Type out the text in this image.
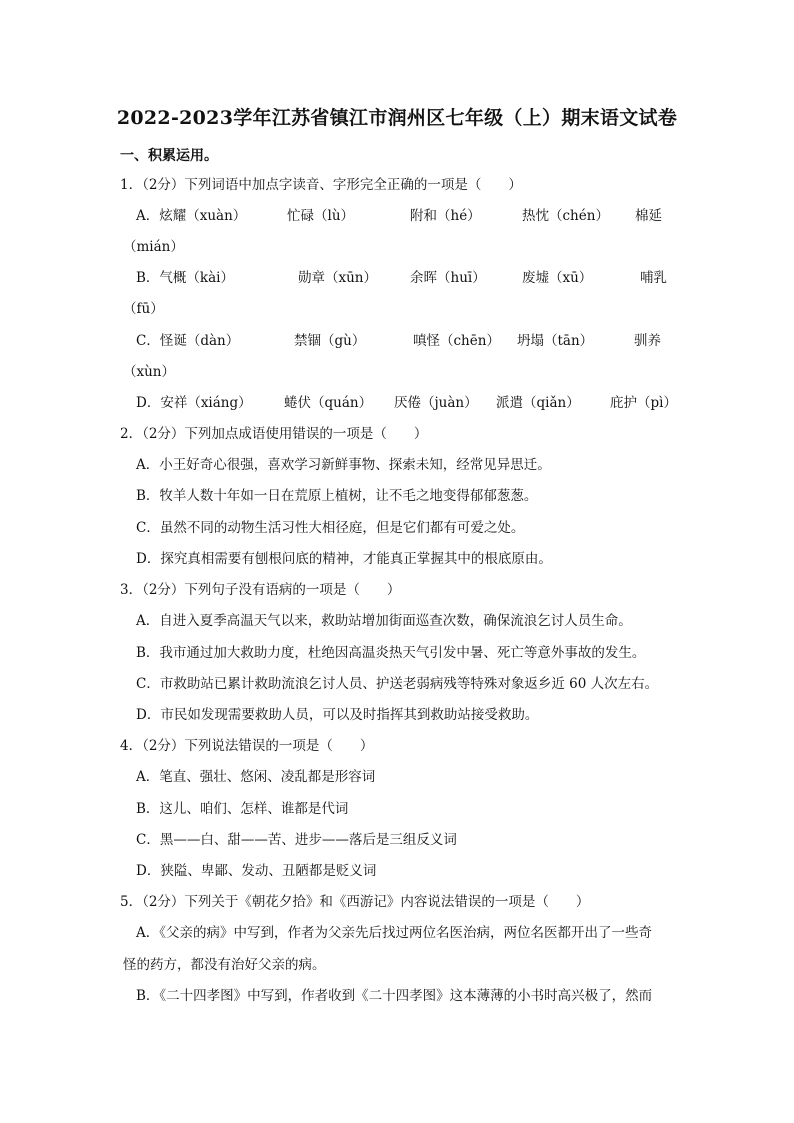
2022-2023学年江苏省镇江市润州区七年级（上）期末语文试卷
一、积累运用。
1．（2分）下列词语中加点字读音、字形完全正确的一项是（　　）
A．炫耀（xuàn）	忙碌（lù）	附和（hé）	热忱（chén） 棉延
（mián）
B．气概（kài）	勋章（xūn） 余晖（huī）	废墟（xū）	哺乳
（fū）
C．怪诞（dàn）	禁锢（gù）	嗔怪（chēn） 坍塌（tān）	驯养
（xùn）
D．安祥（xiáng） 蜷伏（quán） 厌倦（juàn） 派遣（qiǎn） 庇护（pì）
2．（2分）下列加点成语使用错误的一项是（　　）
A．小王好奇心很强，喜欢学习新鲜事物、探索未知，经常见异思迁。
B．牧羊人数十年如一日在荒原上植树，让不毛之地变得郁郁葱葱。
C．虽然不同的动物生活习性大相径庭，但是它们都有可爱之处。
D．探究真相需要有刨根问底的精神，才能真正掌握其中的根底原由。
3．（2分）下列句子没有语病的一项是（　　）
A．自进入夏季高温天气以来，救助站增加街面巡查次数，确保流浪乞讨人员生命。
B．我市通过加大救助力度，杜绝因高温炎热天气引发中暑、死亡等意外事故的发生。
C．市救助站已累计救助流浪乞讨人员、护送老弱病残等特殊对象返乡近 60 人次左右。
D．市民如发现需要救助人员，可以及时指挥其到救助站接受救助。
4．（2分）下列说法错误的一项是（　　）
A．笔直、强壮、悠闲、凌乱都是形容词
B．这儿、咱们、怎样、谁都是代词
C．黑——白、甜——苦、进步——落后是三组反义词
D．狭隘、卑鄙、发动、丑陋都是贬义词
5．（2分）下列关于《朝花夕拾》和《西游记》内容说法错误的一项是（　　）
A．《父亲的病》中写到，作者为父亲先后找过两位名医治病，两位名医都开出了一些奇
怪的药方，都没有治好父亲的病。
B．《二十四孝图》中写到，作者收到《二十四孝图》这本薄薄的小书时高兴极了，然而
